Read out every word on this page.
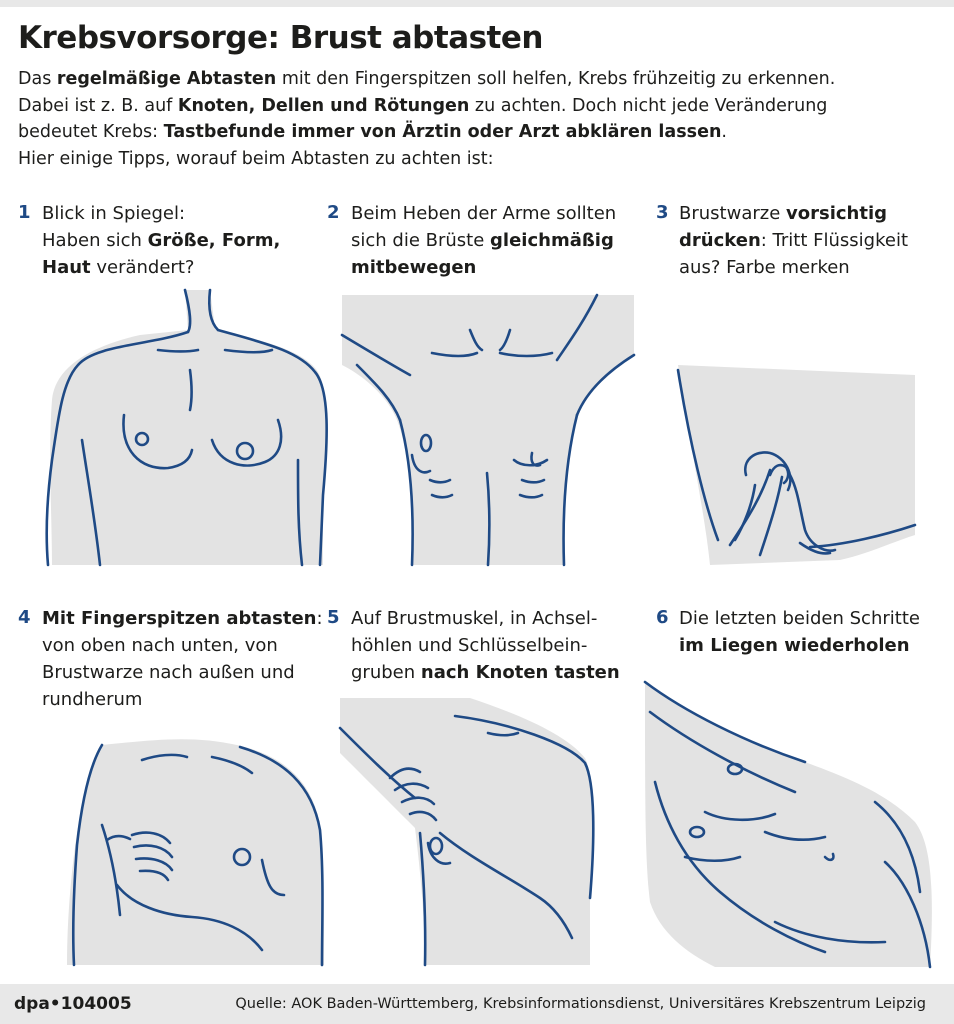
Krebsvorsorge: Brust abtasten
Das regelmäßige Abtasten mit den Fingerspitzen soll helfen, Krebs frühzeitig zu erkennen.
Dabei ist z. B. auf Knoten, Dellen und Rötungen zu achten. Doch nicht jede Veränderung
bedeutet Krebs: Tastbefunde immer von Ärztin oder Arzt abklären lassen.
Hier einige Tipps, worauf beim Abtasten zu achten ist:
1 Blick in Spiegel:
Haben sich Größe, Form,
Haut verändert?
2 Beim Heben der Arme sollten
sich die Brüste gleichmäßig
mitbewegen
3 Brustwarze vorsichtig
drücken: Tritt Flüssigkeit
aus? Farbe merken
4 Mit Fingerspitzen abtasten:
von oben nach unten, von
Brustwarze nach außen und
rundherum
5 Auf Brustmuskel, in Achsel-
höhlen und Schlüsselbein-
gruben nach Knoten tasten
6 Die letzten beiden Schritte
im Liegen wiederholen
dpa•104005	Quelle: AOK Baden-Württemberg, Krebsinformationsdienst, Universitäres Krebszentrum Leipzig
